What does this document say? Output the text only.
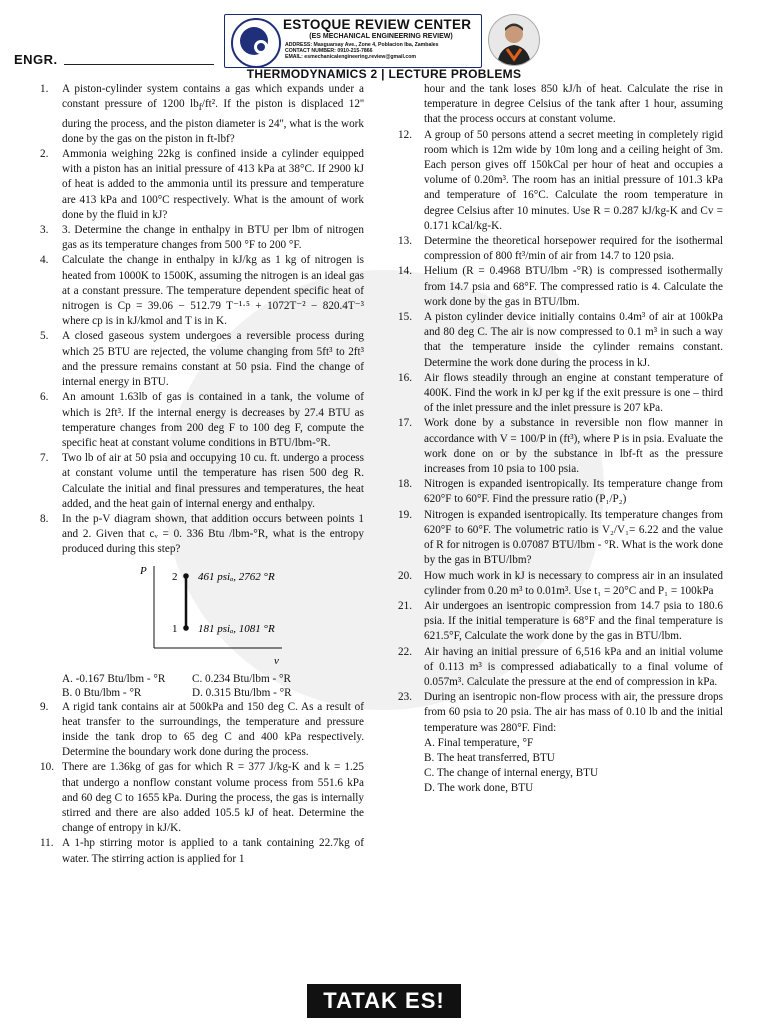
ENGR.
ESTOQUE REVIEW CENTER
(ES MECHANICAL ENGINEERING REVIEW)
ADDRESS: Masguarsay Ave., Zone 4, Poblacion Iba, Zambales
CONTACT NUMBER: 0910-215-7866
EMAIL: esmechanicalengineering.review@gmail.com
THERMODYNAMICS 2 | LECTURE PROBLEMS
1.	A piston-cylinder system contains a gas which expands under a constant pressure of 1200 $lb_f$/ft². If the piston is displaced 12'' during the process, and the piston diameter is 24'', what is the work done by the gas on the piston in ft-lbf?
2.	Ammonia weighing 22kg is confined inside a cylinder equipped with a piston has an initial pressure of 413 kPa at 38°C. If 2900 kJ of heat is added to the ammonia until its pressure and temperature are 413 kPa and 100°C respectively. What is the amount of work done by the fluid in kJ?
3.	3. Determine the change in enthalpy in BTU per lbm of nitrogen gas as its temperature changes from 500 °F to 200 °F.
4.	Calculate the change in enthalpy in kJ/kg as 1 kg of nitrogen is heated from 1000K to 1500K, assuming the nitrogen is an ideal gas at a constant pressure. The temperature dependent specific heat of nitrogen is Cp = 39.06 − 512.79 T⁻¹·⁵ + 1072T⁻² − 820.4T⁻³ where cp is in kJ/kmol and T is in K.
5.	A closed gaseous system undergoes a reversible process during which 25 BTU are rejected, the volume changing from 5ft³ to 2ft³ and the pressure remains constant at 50 psia. Find the change of internal energy in BTU.
6.	An amount 1.63lb of gas is contained in a tank, the volume of which is 2ft³. If the internal energy is decreases by 27.4 BTU as temperature changes from 200 deg F to 100 deg F, compute the specific heat at constant volume conditions in BTU/lbm-°R.
7.	Two lb of air at 50 psia and occupying 10 cu. ft. undergo a process at constant volume until the temperature has risen 500 deg R. Calculate the initial and final pressures and temperatures, the heat added, and the heat gain of internal energy and enthalpy.
8.	In the p-V diagram shown, that addition occurs between points 1 and 2. Given that cᵥ = 0. 336 Btu /lbm-°R, what is the entropy produced during this step?
P
v
2 461 psiₐ, 2762 °R
1 181 psiₐ, 1081 °R
A. -0.167 Btu/lbm - °R	C. 0.234 Btu/lbm - °R
B. 0 Btu/lbm - °R	D. 0.315 Btu/lbm - °R
9.	A rigid tank contains air at 500kPa and 150 deg C. As a result of heat transfer to the surroundings, the temperature and pressure inside the tank drop to 65 deg C and 400 kPa respectively. Determine the boundary work done during the process.
10. There are 1.36kg of gas for which R = 377 J/kg-K and k = 1.25 that undergo a nonflow constant volume process from 551.6 kPa and 60 deg C to 1655 kPa. During the process, the gas is internally stirred and there are also added 105.5 kJ of heat. Determine the change of entropy in kJ/K.
11. A 1-hp stirring motor is applied to a tank containing 22.7kg of water. The stirring action is applied for 1
hour and the tank loses 850 kJ/h of heat. Calculate the rise in temperature in degree Celsius of the tank after 1 hour, assuming that the process occurs at constant volume.
12.	A group of 50 persons attend a secret meeting in completely rigid room which is 12m wide by 10m long and a ceiling height of 3m. Each person gives off 150kCal per hour of heat and occupies a volume of 0.20m³. The room has an initial pressure of 101.3 kPa and temperature of 16°C. Calculate the room temperature in degree Celsius after 10 minutes. Use R = 0.287 kJ/kg-K and Cv = 0.171 kCal/kg-K.
13.	Determine the theoretical horsepower required for the isothermal compression of 800 ft³/min of air from 14.7 to 120 psia.
14.	Helium (R = 0.4968 BTU/lbm -°R) is compressed isothermally from 14.7 psia and 68°F. The compressed ratio is 4. Calculate the work done by the gas in BTU/lbm.
15.	A piston cylinder device initially contains 0.4m³ of air at 100kPa and 80 deg C. The air is now compressed to 0.1 m³ in such a way that the temperature inside the cylinder remains constant. Determine the work done during the process in kJ.
16.	Air flows steadily through an engine at constant temperature of 400K. Find the work in kJ per kg if the exit pressure is one – third of the inlet pressure and the inlet pressure is 207 kPa.
17.	Work done by a substance in reversible non flow manner in accordance with V = 100/P in (ft³), where P is in psia. Evaluate the work done on or by the substance in lbf-ft as the pressure increases from 10 psia to 100 psia.
18.	Nitrogen is expanded isentropically. Its temperature change from 620°F to 60°F. Find the pressure ratio (P₁/P₂)
19.	Nitrogen is expanded isentropically. Its temperature changes from 620°F to 60°F. The volumetric ratio is V₂/V₁= 6.22 and the value of R for nitrogen is 0.07087 BTU/lbm - °R. What is the work done by the gas in BTU/lbm?
20.	How much work in kJ is necessary to compress air in an insulated cylinder from 0.20 m³ to 0.01m³. Use t₁ = 20°C and P₁ = 100kPa
21.	Air undergoes an isentropic compression from 14.7 psia to 180.6 psia. If the initial temperature is 68°F and the final temperature is 621.5°F, Calculate the work done by the gas in BTU/lbm.
22.	Air having an initial pressure of 6,516 kPa and an initial volume of 0.113 m³ is compressed adiabatically to a final volume of 0.057m³. Calculate the pressure at the end of compression in kPa.
23.	During an isentropic non-flow process with air, the pressure drops from 60 psia to 20 psia. The air has mass of 0.10 lb and the initial temperature was 280°F. Find:
A. Final temperature, °F
B. The heat transferred, BTU
C. The change of internal energy, BTU
D. The work done, BTU
TATAK ES!
